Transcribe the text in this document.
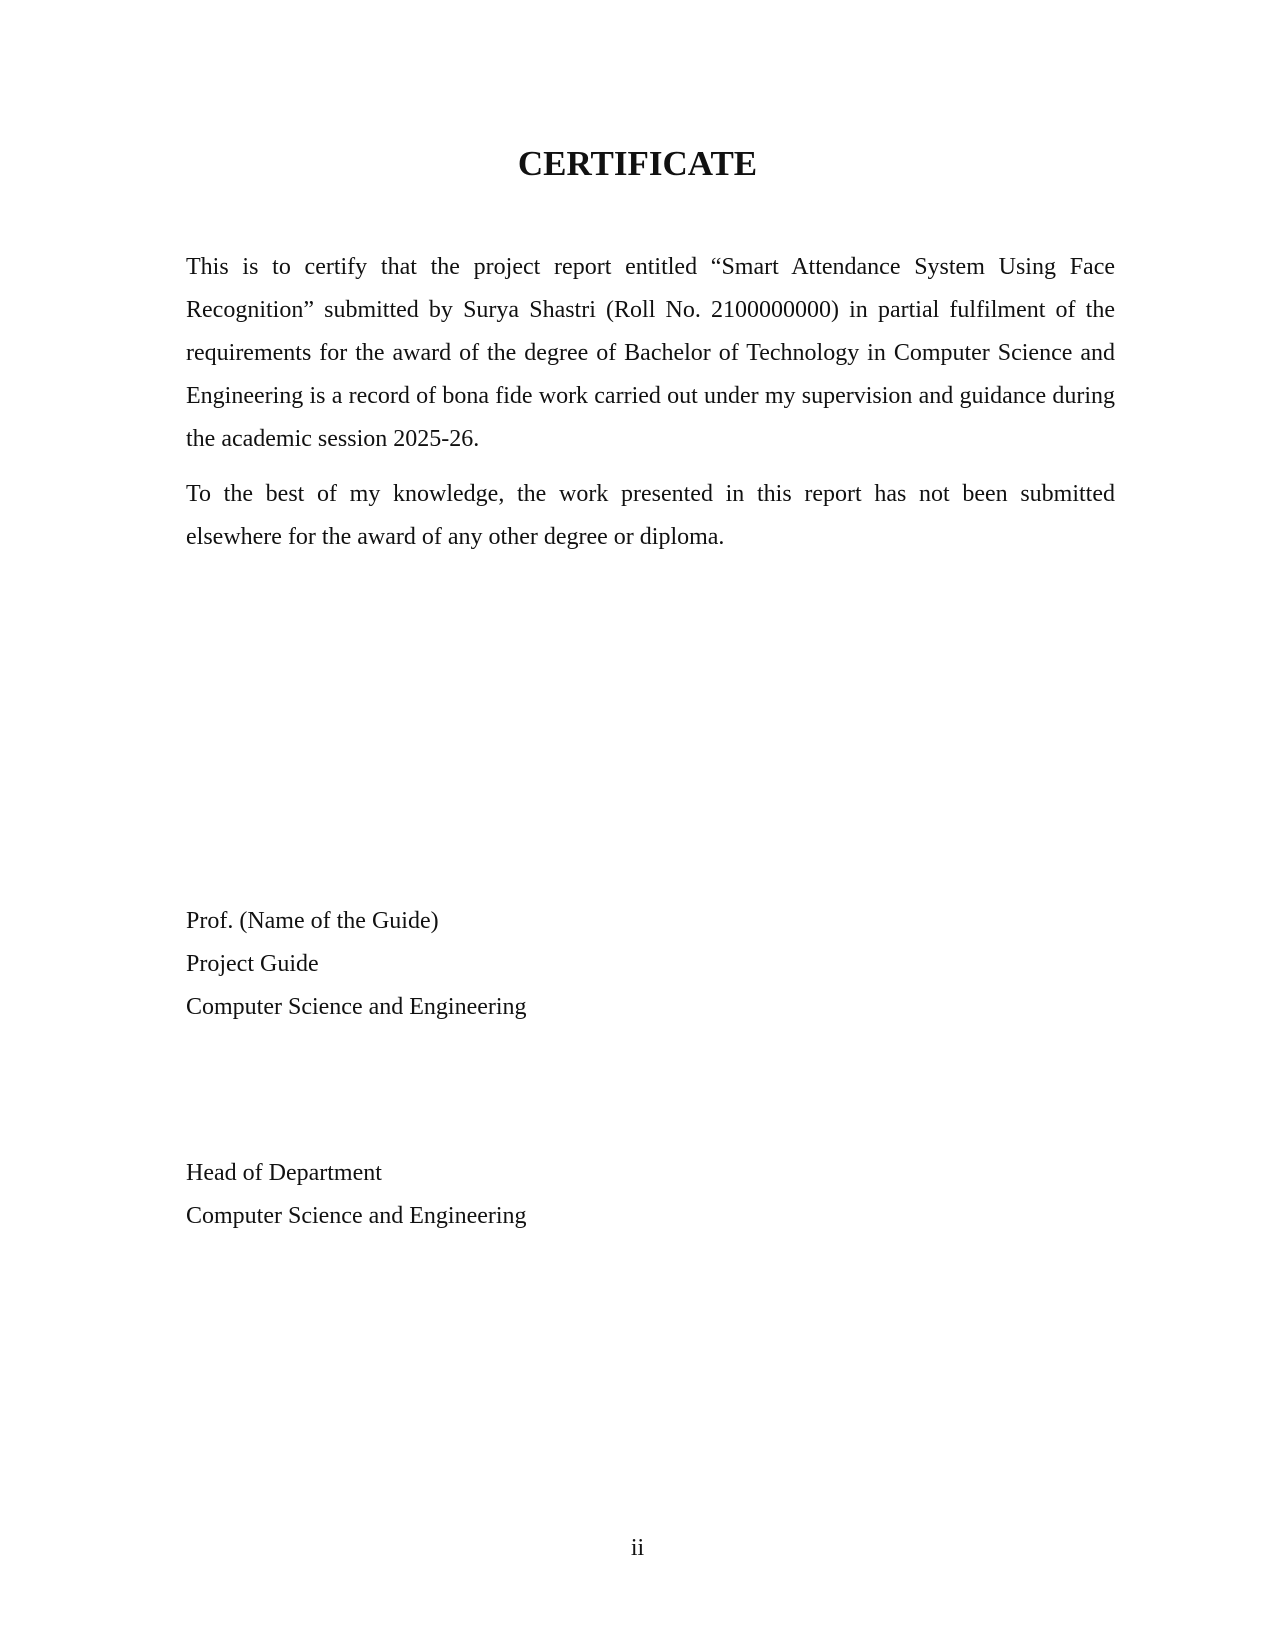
CERTIFICATE

This is to certify that the project report entitled “Smart Attendance System Using Face Recognition” submitted by Surya Shastri (Roll No. 2100000000) in partial fulfilment of the requirements for the award of the degree of Bachelor of Technology in Computer Science and Engineering is a record of bona fide work carried out under my supervision and guidance during the academic session 2025-26.

To the best of my knowledge, the work presented in this report has not been submitted elsewhere for the award of any other degree or diploma.

Prof. (Name of the Guide)
Project Guide
Computer Science and Engineering
Head of Department
Computer Science and Engineering
ii
